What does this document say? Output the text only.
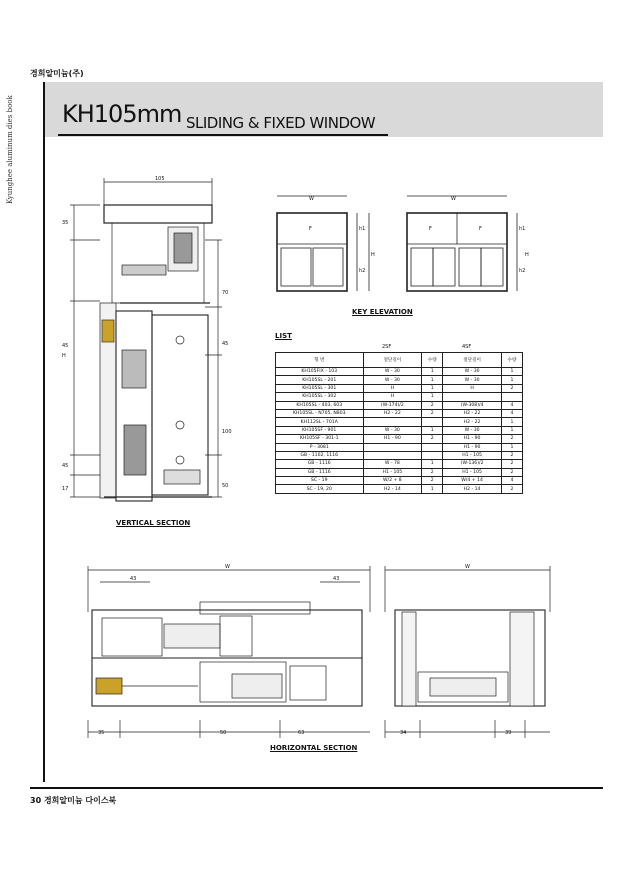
경희알미늄(주)
Kyunghee aluminum dies book KH105mm SLIDING & FIXED WINDOW
105
35
45
H
45
17
70
45
100
50
VERTICAL SECTION
W	W
F	F	F
h1
H
h2
h1
H
h2
KEY ELEVATION
LIST
2SF	4SF
형 번	절단길이	수량	절단길이	수량
KH105FIX - 103	W - 30	1	W - 30	1
KH105SL - 201	W - 30	1	W - 30	1
KH105SL - 301	H	1	H	2
KH105SL - 302	H	1		
KH105SL - 403, 603	(W-174)/2	2	(W-308)/4	4
KH105SL - N705, N803	H2 - 22	2	H2 - 22	4
KH112SL - 701A			H2 - 22	1
KH105SF - 901	W - 30	1	W - 30	1
KH105SF - 301-1	H1 - 90	2	H1 - 90	2
P - 3081			H1 - 90	1
GB - 1102, 1116			H1 - 105	2
GB - 1116	W - 78	1	(W-136)/2	2
GB - 1116	H1 - 105	2	H1 - 105	2
SC - 19	W/2 + 8	2	W/4 + 14	4
SC - 19, 20	H2 - 14	1	H2 - 14	2
W
43	43
W
35	50	63	34	39
HORIZONTAL SECTION
30 경희알미늄 다이스북
